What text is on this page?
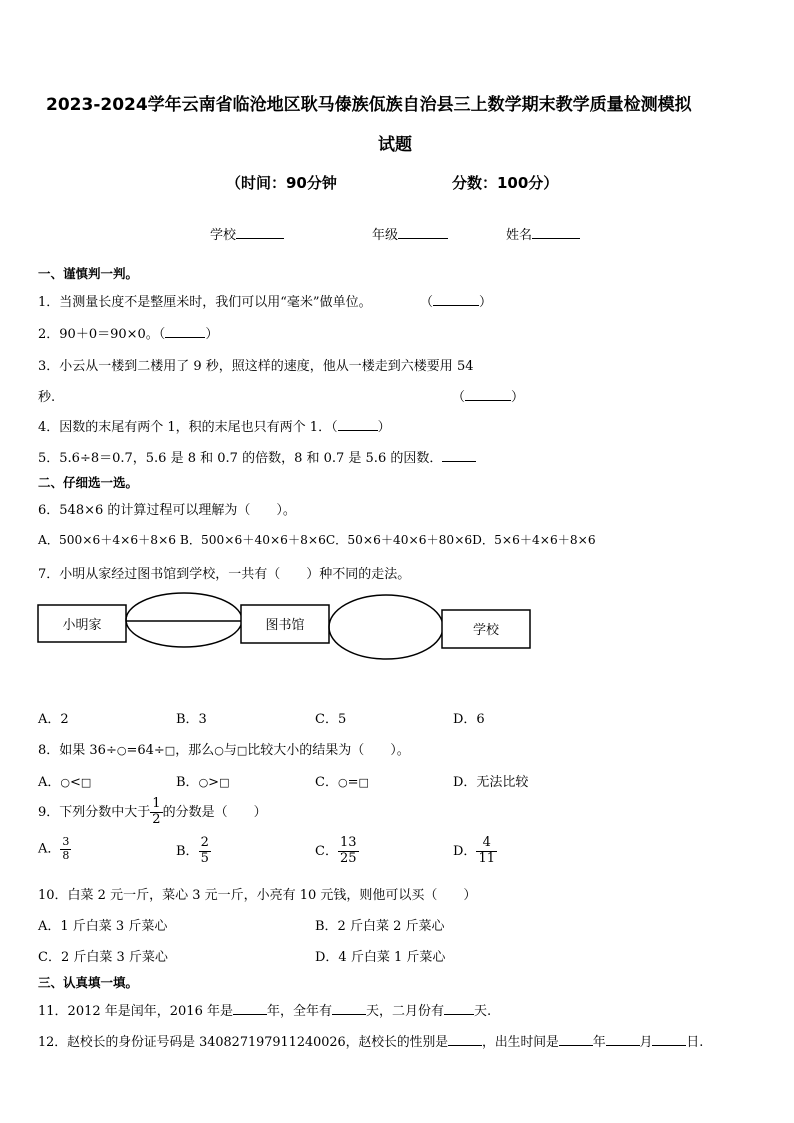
2023-2024学年云南省临沧地区耿马傣族佤族自治县三上数学期末教学质量检测模拟
试题
（时间：90分钟	分数：100分）
学校	年级	姓名
一、谨慎判一判。
1．当测量长度不是整厘米时，我们可以用“毫米”做单位。	（	）
2．90＋0＝90×0。（	）
3．小云从一楼到二楼用了 9 秒，照这样的速度，他从一楼走到六楼要用 54
秒.	（	）
4．因数的末尾有两个 1，积的末尾也只有两个 1．（	）
5．5.6÷8＝0.7，5.6 是 8 和 0.7 的倍数，8 和 0.7 是 5.6 的因数．
二、仔细选一选。
6．548×6 的计算过程可以理解为（　　）。
A．500×6＋4×6＋8×6 B．500×6＋40×6＋8×6C．50×6＋40×6＋80×6D．5×6＋4×6＋8×6
7．小明从家经过图书馆到学校，一共有（　　）种不同的走法。
小明家	图书馆	学校
A．2	B．3	C．5	D．6
8．如果 36÷○=64÷□，那么○与□比较大小的结果为（　　）。
A．○<□	B．○>□	C．○=□	D．无法比较
9．下列分数中大于 $\frac{1}{2}$ 的分数是（　　）
A． $\frac{3}{8}$	B． $\frac{2}{5}$	C． $\frac{13}{25}$	D． $\frac{4}{11}$
10．白菜 2 元一斤，菜心 3 元一斤，小亮有 10 元钱，则他可以买（　　）
A．1 斤白菜 3 斤菜心	B．2 斤白菜 2 斤菜心
C．2 斤白菜 3 斤菜心	D．4 斤白菜 1 斤菜心
三、认真填一填。
11．2012 年是闰年，2016 年是	年，全年有	天，二月份有 天.
12．赵校长的身份证号码是 340827197911240026，赵校长的性别是	，出生时间是	年	月	日.
